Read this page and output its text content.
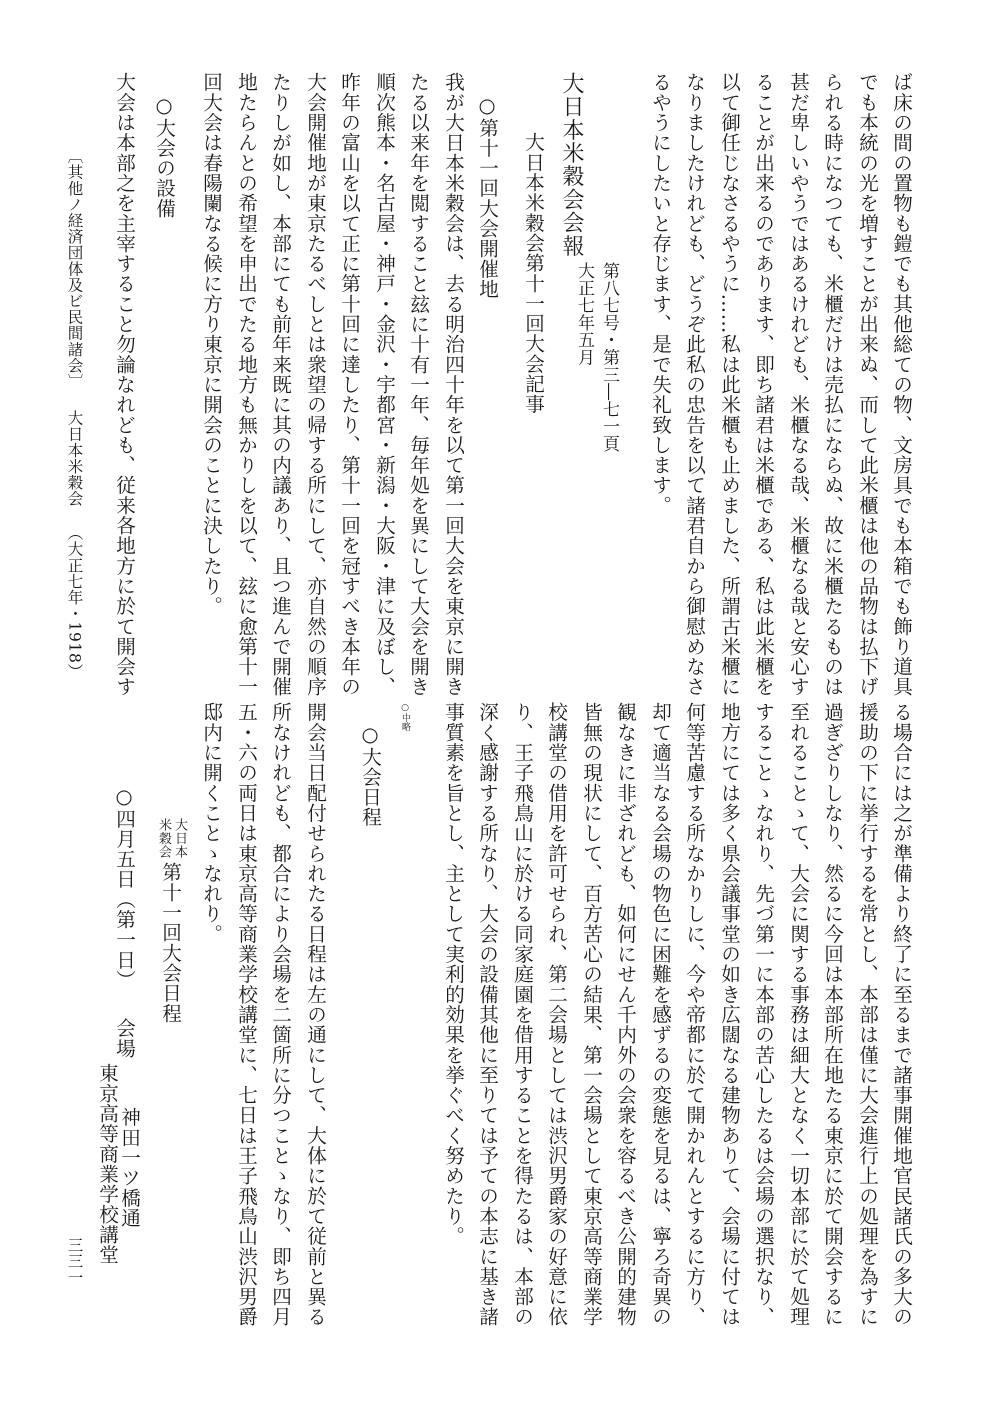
ば床の間の置物も鎧でも其他総ての物、文房具でも本箱でも飾り道具
でも本統の光を増すことが出来ぬ、而して此米櫃は他の品物は払下げ
られる時になつても、米櫃だけは売払にならぬ、故に米櫃たるものは
甚だ卑しいやうではあるけれども、米櫃なる哉、米櫃なる哉と安心す
ることが出来るのであります、即ち諸君は米櫃である、私は此米櫃を
以て御任じなさるやうに……私は此米櫃も止めました、所謂古米櫃に
なりましたけれども、どうぞ此私の忠告を以て諸君自から御慰めなさ
るやうにしたいと存じます、是で失礼致します。
大日本米穀会会報
第八七号・第三―七一頁
大正七年五月
大日本米穀会第十一回大会記事
○第十一回大会開催地
我が大日本米穀会は、去る明治四十年を以て第一回大会を東京に開き
たる以来年を閲すること玆に十有一年、毎年処を異にして大会を開き
順次熊本・名古屋・神戸・金沢・宇都宮・新潟・大阪・津に及ぼし、
昨年の富山を以て正に第十回に達したり、第十一回を冠すべき本年の
大会開催地が東京たるべしとは衆望の帰する所にして、亦自然の順序
たりしが如し、本部にても前年来既に其の内議あり、且つ進んで開催
地たらんとの希望を申出でたる地方も無かりしを以て、玆に愈第十一
回大会は春陽闌なる候に方り東京に開会のことに決したり。
○大会の設備
大会は本部之を主宰すること勿論なれども、従来各地方に於て開会す
〔其他ノ経済団体及ビ民間諸会〕
大日本米穀会
（大正七年・1918）
る場合には之が準備より終了に至るまで諸事開催地官民諸氏の多大の
援助の下に挙行するを常とし、本部は僅に大会進行上の処理を為すに
過ぎざりしなり、然るに今回は本部所在地たる東京に於て開会するに
至れることゝて、大会に関する事務は細大となく一切本部に於て処理
することゝなれり、先づ第一に本部の苦心したるは会場の選択なり、
地方にては多く県会議事堂の如き広闊なる建物ありて、会場に付ては
何等苦慮する所なかりしに、今や帝都に於て開かれんとするに方り、
却て適当なる会場の物色に困難を感ずるの変態を見るは、寧ろ奇異の
観なきに非ざれども、如何にせん千内外の会衆を容るべき公開的建物
皆無の現状にして、百方苦心の結果、第一会場として東京高等商業学
校講堂の借用を許可せられ、第二会場としては渋沢男爵家の好意に依
り、王子飛鳥山に於ける同家庭園を借用することを得たるは、本部の
深く感謝する所なり、大会の設備其他に至りては予ての本志に基き諸
事質素を旨とし、主として実利的効果を挙ぐべく努めたり。
○中略
○大会日程
開会当日配付せられたる日程は左の通にして、大体に於て従前と異る
所なけれども、都合により会場を二箇所に分つことゝなり、即ち四月
五・六の両日は東京高等商業学校講堂に、七日は王子飛鳥山渋沢男爵
邸内に開くことゝなれり。
大日本
米穀会
第十一回大会日程
○四月五日（第一日）
会場
神田一ツ橋通
東京高等商業学校講堂
三三一
